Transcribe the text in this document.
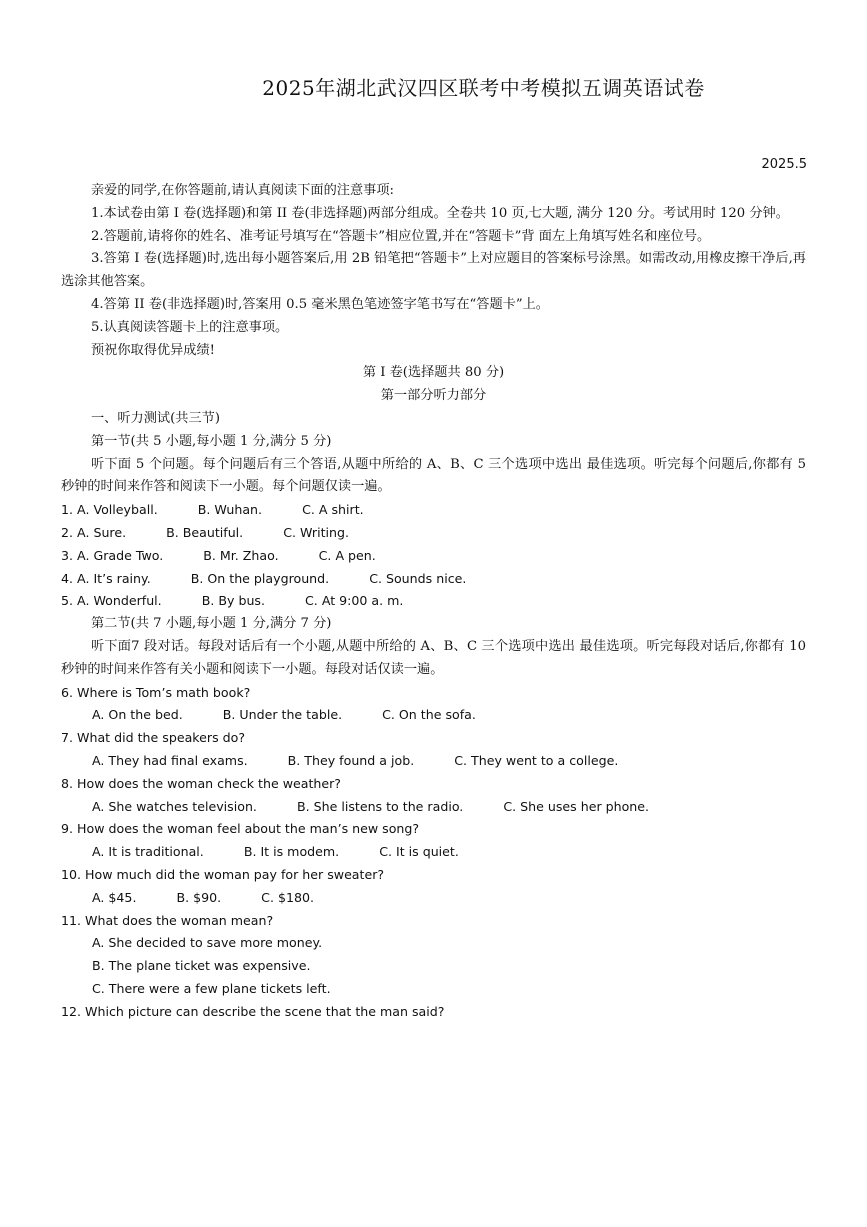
2025年湖北武汉四区联考中考模拟五调英语试卷
2025.5

亲爱的同学,在你答题前,请认真阅读下面的注意事项:

1.本试卷由第 I 卷(选择题)和第 II 卷(非选择题)两部分组成。全卷共 10 页,七大题, 满分 120 分。考试用时 120 分钟。

2.答题前,请将你的姓名、准考证号填写在“答题卡”相应位置,并在“答题卡”背 面左上角填写姓名和座位号。

3.答第 I 卷(选择题)时,选出每小题答案后,用 2B 铅笔把“答题卡”上对应题目的答案标号涂黑。如需改动,用橡皮擦干净后,再选涂其他答案。

4.答第 II 卷(非选择题)时,答案用 0.5 毫米黑色笔迹签字笔书写在“答题卡”上。

5.认真阅读答题卡上的注意事项。

预祝你取得优异成绩!

第 I 卷(选择题共 80 分)

第一部分听力部分

一、听力测试(共三节)

第一节(共 5 小题,每小题 1 分,满分 5 分)

听下面 5 个问题。每个问题后有三个答语,从题中所给的 A、B、C 三个选项中选出 最佳选项。听完每个问题后,你都有 5 秒钟的时间来作答和阅读下一小题。每个问题仅读一遍。

1. A. Volleyball.	B. Wuhan.	C. A shirt.

2. A. Sure.	B. Beautiful.	C. Writing.

3. A. Grade Two.	B. Mr. Zhao.	C. A pen.

4. A. It’s rainy.	B. On the playground.	C. Sounds nice.

5. A. Wonderful.	B. By bus.	C. At 9:00 a. m.

第二节(共 7 小题,每小题 1 分,满分 7 分)

听下面7 段对话。每段对话后有一个小题,从题中所给的 A、B、C 三个选项中选出 最佳选项。听完每段对话后,你都有 10 秒钟的时间来作答有关小题和阅读下一小题。每段对话仅读一遍。

6. Where is Tom’s math book?

A. On the bed.	B. Under the table.	C. On the sofa.

7. What did the speakers do?

A. They had final exams.	B. They found a job.	C. They went to a college.

8. How does the woman check the weather?

A. She watches television.	B. She listens to the radio.	C. She uses her phone.

9. How does the woman feel about the man’s new song?

A. It is traditional.	B. It is modem.	C. It is quiet.

10. How much did the woman pay for her sweater?

A. $45.	B. $90.	C. $180.

11. What does the woman mean?

A. She decided to save more money.

B. The plane ticket was expensive.

C. There were a few plane tickets left.

12. Which picture can describe the scene that the man said?
